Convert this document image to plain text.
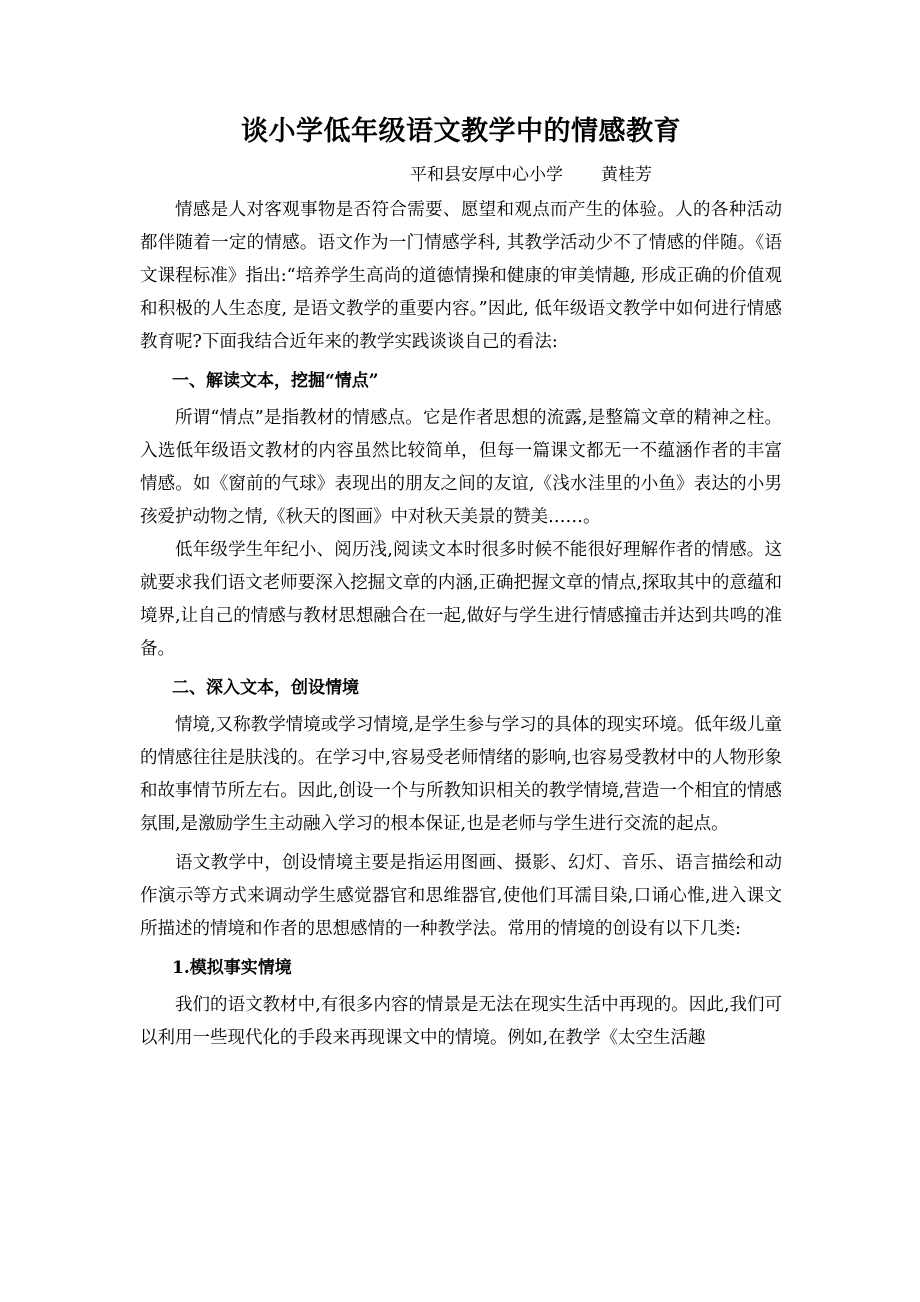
谈小学低年级语文教学中的情感教育
平和县安厚中心小学 黄桂芳

情感是人对客观事物是否符合需要、愿望和观点而产生的体验。人的各种活动都伴随着一定的情感。语文作为一门情感学科, 其教学活动少不了情感的伴随。《语文课程标准》指出:“培养学生高尚的道德情操和健康的审美情趣, 形成正确的价值观和积极的人生态度, 是语文教学的重要内容。”因此, 低年级语文教学中如何进行情感教育呢?下面我结合近年来的教学实践谈谈自己的看法:

一、解读文本，挖掘“情点”

所谓“情点”是指教材的情感点。它是作者思想的流露,是整篇文章的精神之柱。入选低年级语文教材的内容虽然比较简单，但每一篇课文都无一不蕴涵作者的丰富情感。如《窗前的气球》表现出的朋友之间的友谊,《浅水洼里的小鱼》表达的小男孩爱护动物之情,《秋天的图画》中对秋天美景的赞美……。

低年级学生年纪小、阅历浅,阅读文本时很多时候不能很好理解作者的情感。这就要求我们语文老师要深入挖掘文章的内涵,正确把握文章的情点,探取其中的意蕴和境界,让自己的情感与教材思想融合在一起,做好与学生进行情感撞击并达到共鸣的准备。

二、深入文本，创设情境

情境,又称教学情境或学习情境,是学生参与学习的具体的现实环境。低年级儿童的情感往往是肤浅的。在学习中,容易受老师情绪的影响,也容易受教材中的人物形象和故事情节所左右。因此,创设一个与所教知识相关的教学情境,营造一个相宜的情感氛围,是激励学生主动融入学习的根本保证,也是老师与学生进行交流的起点。

语文教学中，创设情境主要是指运用图画、摄影、幻灯、音乐、语言描绘和动作演示等方式来调动学生感觉器官和思维器官,使他们耳濡目染,口诵心惟,进入课文所描述的情境和作者的思想感情的一种教学法。常用的情境的创设有以下几类:

1.模拟事实情境

我们的语文教材中,有很多内容的情景是无法在现实生活中再现的。因此,我们可以利用一些现代化的手段来再现课文中的情境。例如,在教学《太空生活趣
